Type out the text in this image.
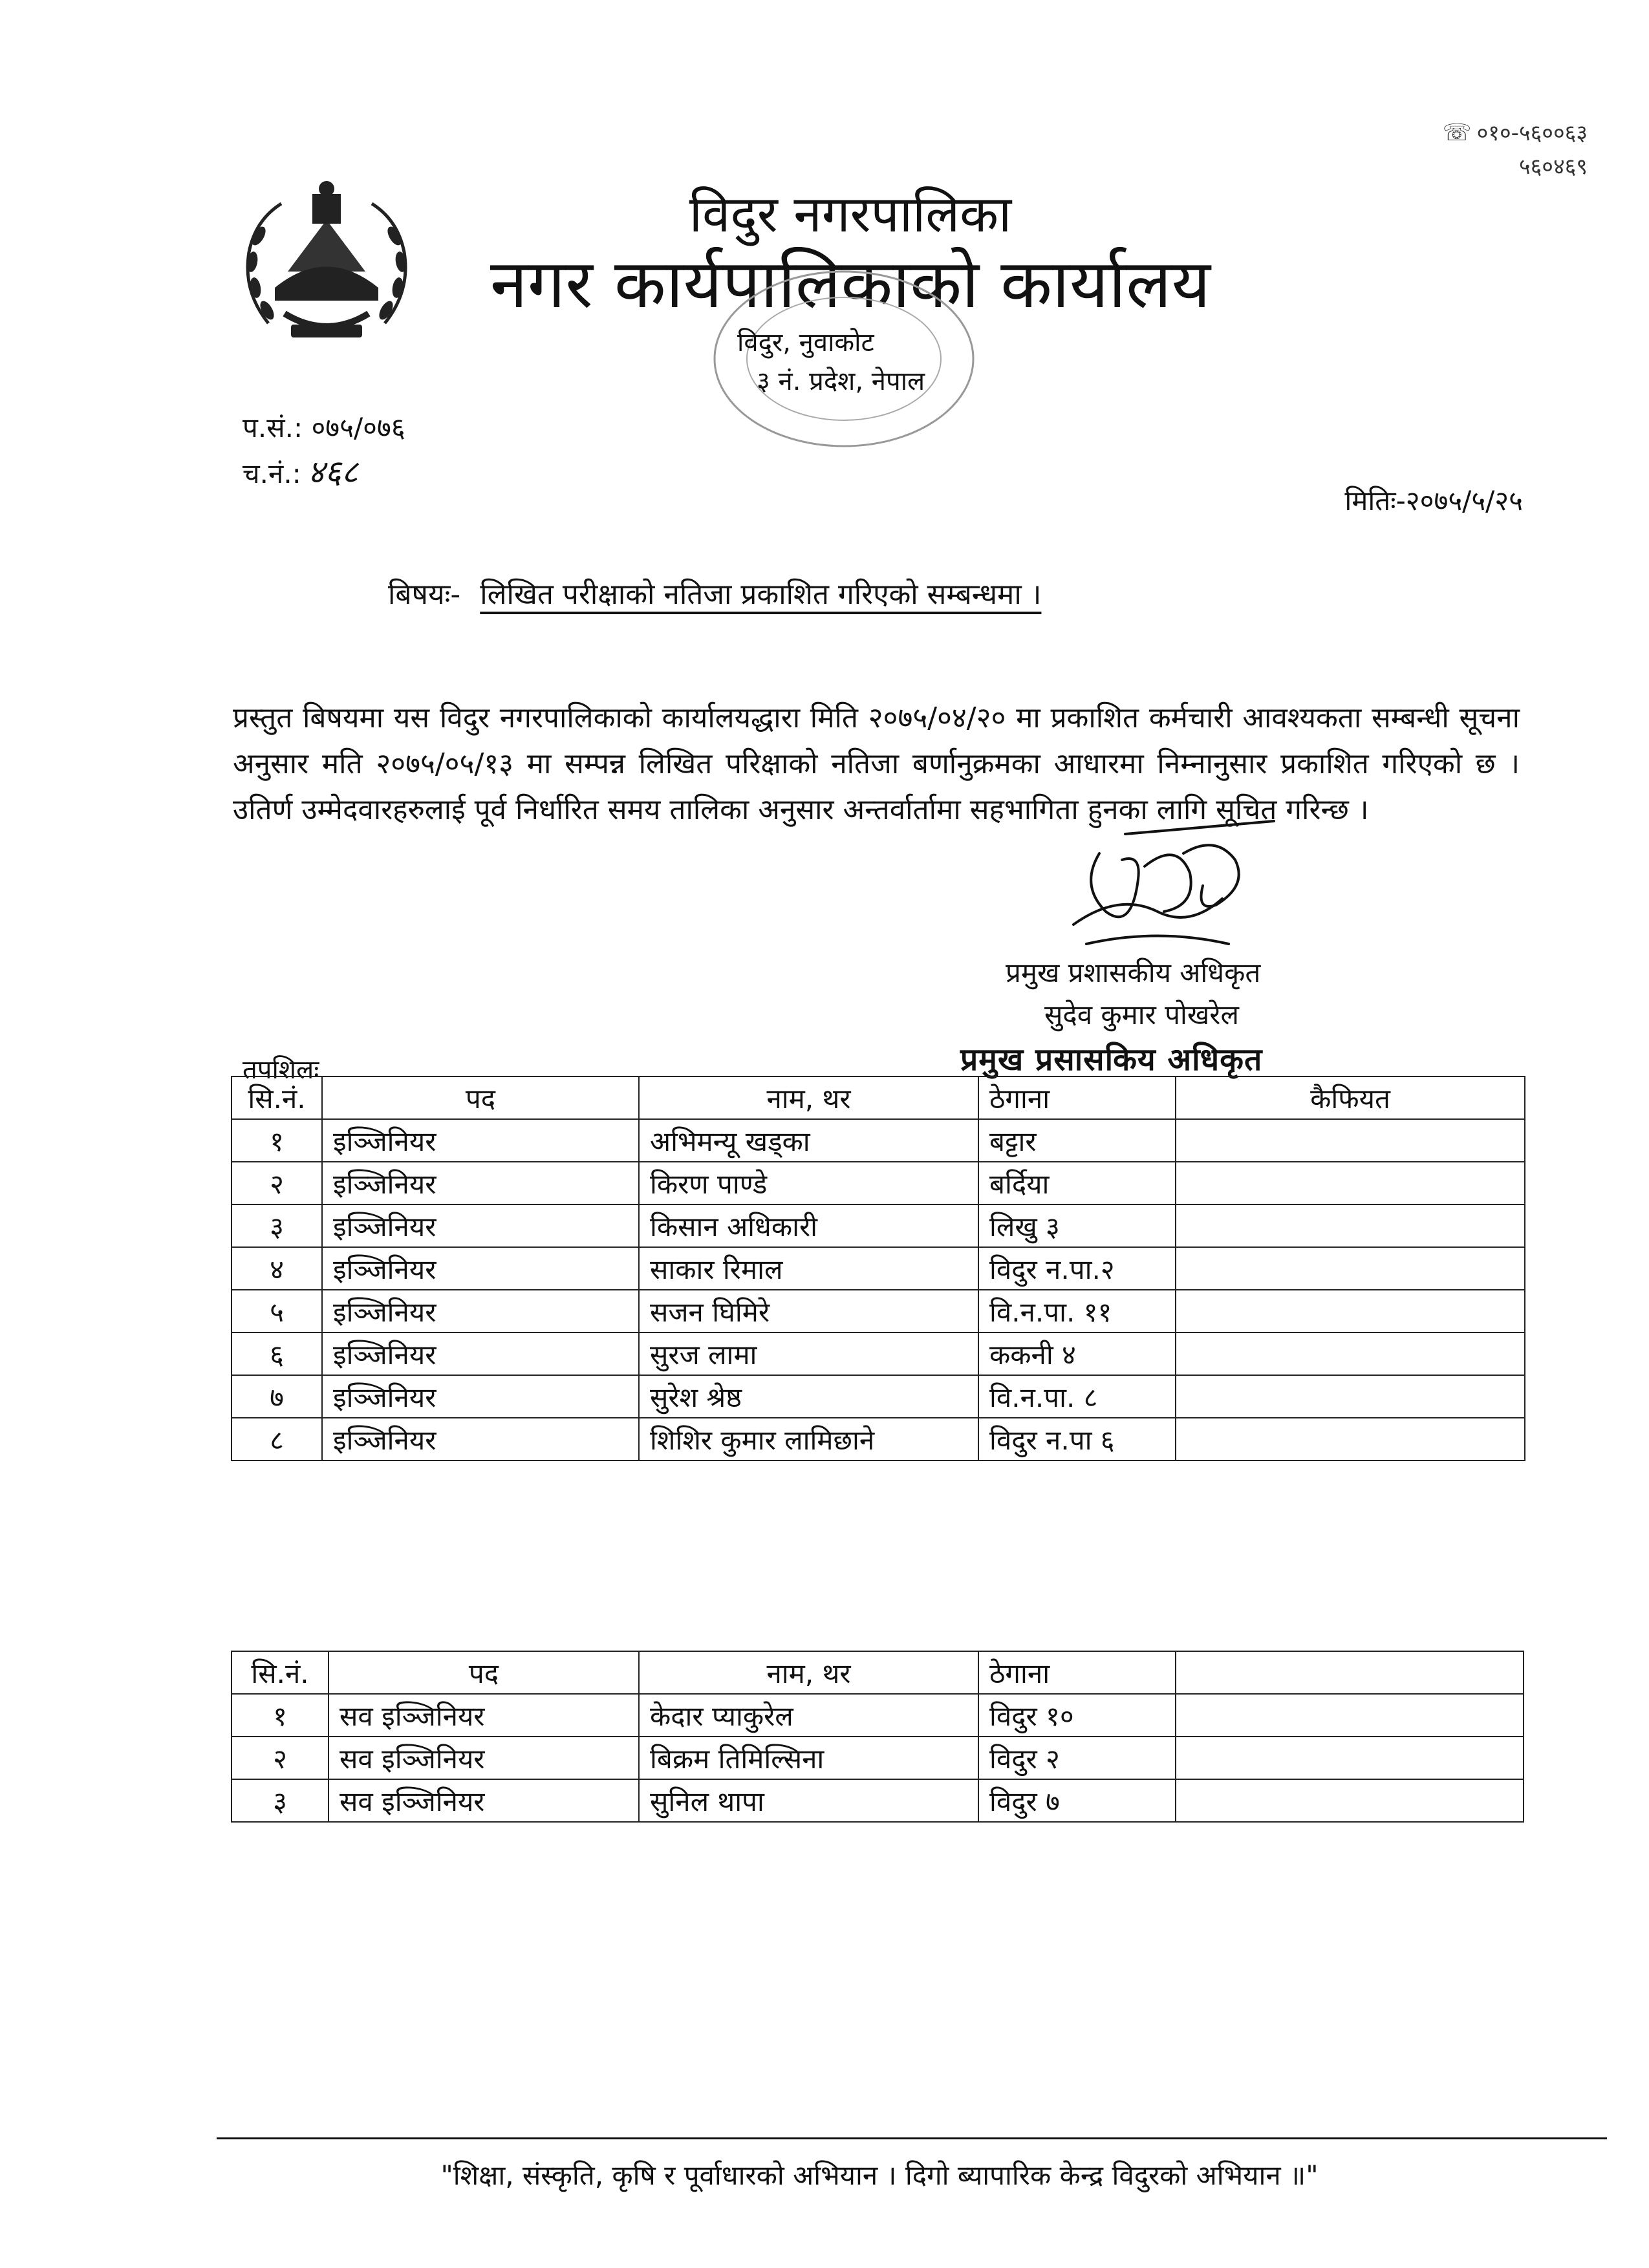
☏ ०१०-५६००६३
५६०४६९
विदुर नगरपालिका
नगर कार्यपालिकाको कार्यालय
विदुर, नुवाकोट
३ नं. प्रदेश, नेपाल
प.सं.: ०७५/०७६
च.नं.: ४६८
मितिः-२०७५/५/२५
बिषयः- लिखित परीक्षाको नतिजा प्रकाशित गरिएको सम्बन्धमा ।
प्रस्तुत बिषयमा यस विदुर नगरपालिकाको कार्यालयद्धारा मिति २०७५/०४/२० मा प्रकाशित कर्मचारी आवश्यकता सम्बन्धी सूचना अनुसार मति २०७५/०५/१३ मा सम्पन्न लिखित परिक्षाको नतिजा बर्णानुक्रमका आधारमा निम्नानुसार प्रकाशित गरिएको छ । उतिर्ण उम्मेदवारहरुलाई पूर्व निर्धारित समय तालिका अनुसार अन्तर्वार्तामा सहभागिता हुनका लागि सूचित गरिन्छ ।
प्रमुख प्रशासकीय अधिकृत
सुदेव कुमार पोखरेल
प्रमुख प्रसासकिय अधिकृत
तपशिलः
सि.नं.	पद	नाम, थर	ठेगाना	कैफियत
१	इञ्जिनियर	अभिमन्यू खड्का	बट्टार	
२	इञ्जिनियर	किरण पाण्डे	बर्दिया	
३	इञ्जिनियर	किसान अधिकारी	लिखु ३	
४	इञ्जिनियर	साकार रिमाल	विदुर न.पा.२	
५	इञ्जिनियर	सजन घिमिरे	वि.न.पा. ११	
६	इञ्जिनियर	सुरज लामा	ककनी ४	
७	इञ्जिनियर	सुरेश श्रेष्ठ	वि.न.पा. ८	
८	इञ्जिनियर	शिशिर कुमार लामिछाने	विदुर न.पा ६	
सि.नं.	पद	नाम, थर	ठेगाना	
१	सव इञ्जिनियर	केदार प्याकुरेल	विदुर १०	
२	सव इञ्जिनियर	बिक्रम तिमिल्सिना	विदुर २	
३	सव इञ्जिनियर	सुनिल थापा	विदुर ७	
"शिक्षा, संस्कृति, कृषि र पूर्वाधारको अभियान । दिगो ब्यापारिक केन्द्र विदुरको अभियान ॥"
